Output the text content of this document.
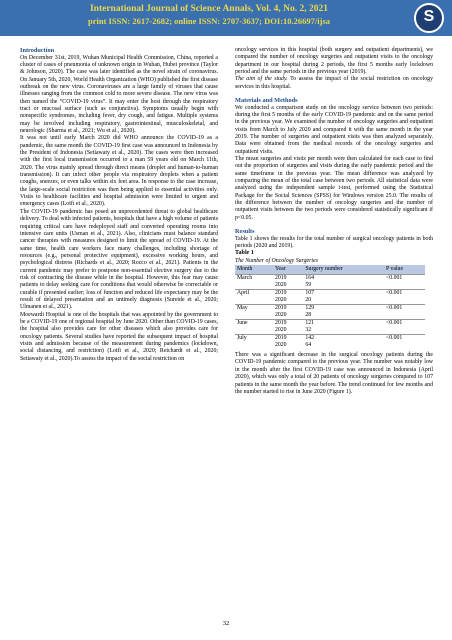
International Journal of Science Annals, Vol. 4, No. 2, 2021
print ISSN: 2617-2682; online ISSN: 2707-3637; DOI:10.26697/ijsa	S

Introduction

On December 31st, 2019, Wuhan Municipal Health Commission, China, reported a cluster of cases of pneumonia of unknown origin in Wuhan, Hubei province (Taylor & Johnson, 2020). The case was later identified as the novel strain of coronavirus. On January 5th, 2020, World Health Organization (WHO) published the first disease outbreak on the new virus. Coronaviruses are a large family of viruses that cause illnesses ranging from the common cold to more severe disease. The new virus was then named the “COVID-19 virus”. It may enter the host through the respiratory tract or mucosal surface (such as conjunctiva). Symptoms usually begin with nonspecific syndromes, including fever, dry cough, and fatigue. Multiple systems may be involved including respiratory, gastrointestinal, musculoskeletal, and neurologic (Sharma et al., 2021; Wu et al., 2020).

It was not until early March 2020 did WHO announce the COVID-19 as a pandemic, the same month the COVID-19 first case was announced in Indonesia by the President of Indonesia (Setiawaty et al., 2020). The cases were then increased with the first local transmission occurred to a man 59 years old on March 11th, 2020. The virus mainly spread through direct means (droplet and human-to-human transmission). It can infect other people via respiratory droplets when a patient coughs, sneezes, or even talks within six feet area. In response to the case increase, the large-scale social restriction was then being applied to essential activities only. Visits to healthcare facilities and hospital admission were limited to urgent and emergency cases (Lotfi et al., 2020).

The COVID-19 pandemic has posed an unprecedented threat to global healthcare delivery. To deal with infected patients, hospitals that have a high volume of patients requiring critical care have redeployed staff and converted operating rooms into intensive care units (Usman et al., 2021). Also, clinicians must balance standard cancer therapies with measures designed to limit the spread of COVID-19. At the same time, health care workers face many challenges, including shortage of resources (e.g., personal protective equipment), excessive working hours, and psychological distress (Richards et al., 2020; Rocco et al., 2021). Patients in the current pandemic may prefer to postpone non-essential elective surgery due to the risk of contracting the disease while in the hospital. However, this fear may cause patients to delay seeking care for conditions that would otherwise be correctable or curable if presented earlier; loss of function and reduced life expectancy may be the result of delayed presentation and an untimely diagnosis (Sureide et al., 2020; Ulmanen et al., 2021).

Moewardi Hospital is one of the hospitals that was appointed by the government to be a COVID-19 one of regional hospital by June 2020. Other than COVID-19 cases, the hospital also provides care for other diseases which also provides care for oncology patients. Several studies have reported the subsequent impact of hospital visits and admission because of the measurement during pandemics (lockdown, social distancing, and restriction) (Lotfi et al., 2020; Reichardt et al., 2020; Setiawaty et al., 2020).To assess the impact of the social restriction on

oncology services in this hospital (both surgery and outpatient departments), we compared the number of oncology surgeries and outpatient visits to the oncology department in our hospital during 2 periods, the first 5 months early lockdown period and the same periods in the previous year (2019).

The aim of the study. To assess the impact of the social restriction on oncology services in this hospital.

Materials and Methods

We conducted a comparison study on the oncology service between two periods: during the first 5 months of the early COVID-19 pandemic and on the same period in the previous year. We examined the number of oncology surgeries and outpatient visits from March to July 2020 and compared it with the same month in the year 2019. The number of surgeries and outpatient visits was then analyzed separately. Data were obtained from the medical records of the oncology surgeries and outpatient visits.

The mean surgeries and visits per month were then calculated for each case to find out the proportion of surgeries and visits during the early pandemic period and the same timeframe in the previous year. The mean difference was analyzed by comparing the mean of the total case between two periods. All statistical data were analyzed using the independent sample t-test, performed using the Statistical Package for the Social Sciences (SPSS) for Windows version 25.0. The results of the difference between the number of oncology surgeries and the number of outpatient visits between the two periods were considered statistically significant if p<0.05.

Results

Table 1 shows the results for the total number of surgical oncology patients in both periods (2020 and 2019).

Table 1

The Number of Oncology Surgeries

Month	Year	Surgery number	P value
March	2019	164	<0.001
	2020	59	
April	2019	107	<0.001
	2020	20	
May	2019	129	<0.001
	2020	28	
June	2019	121	<0.001
	2020	32	
July	2019	142	<0.001
	2020	64	

There was a significant decrease in the surgical oncology patients during the COVID-19 pandemic compared to the previous year. The number was notably low in the month after the first COVID-19 case was announced in Indonesia (April 2020), which was only a total of 20 patients of oncology surgeries compared to 107 patients in the same month the year before. The trend continued for few months and the number started to rise in June 2020 (Figure 1).

32
